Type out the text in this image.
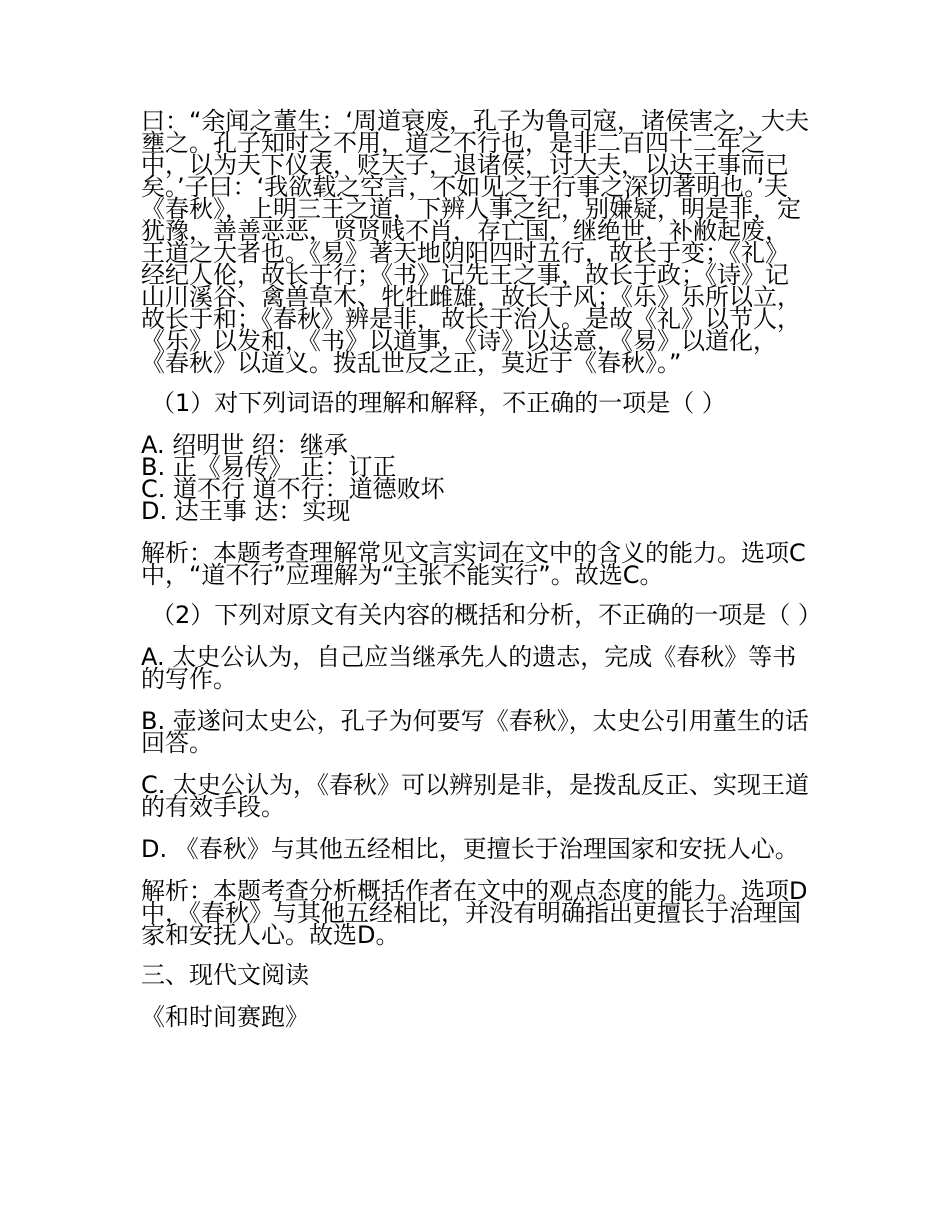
曰：“余闻之董生：‘周道衰废，孔子为鲁司寇，诸侯害之，大夫壅之。孔子知时之不用，道之不行也，是非二百四十二年之中，以为天下仪表，贬天子，退诸侯，讨大夫，以达王事而已矣。’子曰：‘我欲载之空言，不如见之于行事之深切著明也。’夫《春秋》，上明三王之道，下辨人事之纪，别嫌疑，明是非，定犹豫，善善恶恶，贤贤贱不肖，存亡国，继绝世，补敝起废，王道之大者也。《易》著天地阴阳四时五行，故长于变；《礼》经纪人伦，故长于行；《书》记先王之事，故长于政；《诗》记山川溪谷、禽兽草木、牝牡雌雄，故长于风；《乐》乐所以立，故长于和；《春秋》辨是非，故长于治人。是故《礼》以节人，《乐》以发和，《书》以道事，《诗》以达意，《易》以道化，《春秋》以道义。拨乱世反之正，莫近于《春秋》。”

（1）对下列词语的理解和解释，不正确的一项是（ ）

A. 绍明世 绍：继承

B. 正《易传》 正：订正

C. 道不行 道不行：道德败坏

D. 达王事 达：实现

解析：本题考查理解常见文言实词在文中的含义的能力。选项C中，“道不行”应理解为“主张不能实行”。故选C。

（2）下列对原文有关内容的概括和分析，不正确的一项是（ ）

A. 太史公认为，自己应当继承先人的遗志，完成《春秋》等书的写作。

B. 壶遂问太史公，孔子为何要写《春秋》，太史公引用董生的话回答。

C. 太史公认为，《春秋》可以辨别是非，是拨乱反正、实现王道的有效手段。

D. 《春秋》与其他五经相比，更擅长于治理国家和安抚人心。

解析：本题考查分析概括作者在文中的观点态度的能力。选项D中，《春秋》与其他五经相比，并没有明确指出更擅长于治理国家和安抚人心。故选D。

三、现代文阅读

《和时间赛跑》
